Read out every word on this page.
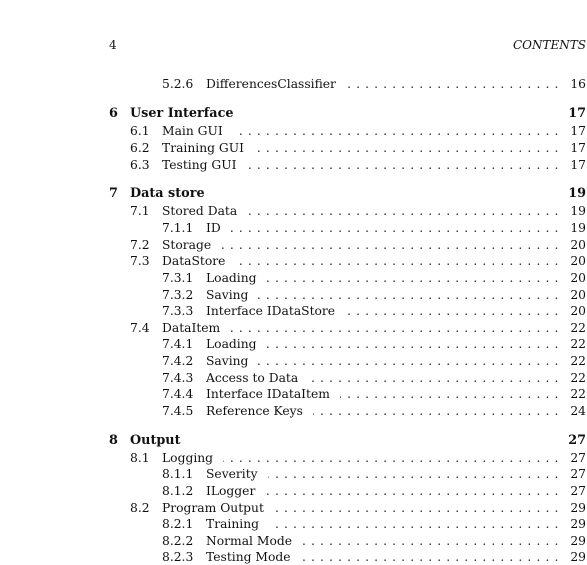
4	CONTENTS
5.2.6 DifferencesClassifier . . .	16
6 User Interface	17
6.1 Main GUI . . .	17
6.2 Training GUI . . .	17
6.3 Testing GUI . . .	17
7 Data store	19
7.1 Stored Data . . .	19
7.1.1 ID . . .	19
7.2 Storage . . .	20
7.3 DataStore . . .	20
7.3.1 Loading . . .	20
7.3.2 Saving . . .	20
7.3.3 Interface IDataStore . . .	20
7.4 DataItem . . .	22
7.4.1 Loading . . .	22
7.4.2 Saving . . .	22
7.4.3 Access to Data . . .	22
7.4.4 Interface IDataItem . . .	22
7.4.5 Reference Keys . . .	24
8 Output	27
8.1 Logging . . .	27
8.1.1 Severity . . .	27
8.1.2 ILogger . . .	27
8.2 Program Output . . .	29
8.2.1 Training . . .	29
8.2.2 Normal Mode . . .	29
8.2.3 Testing Mode . . .	29
